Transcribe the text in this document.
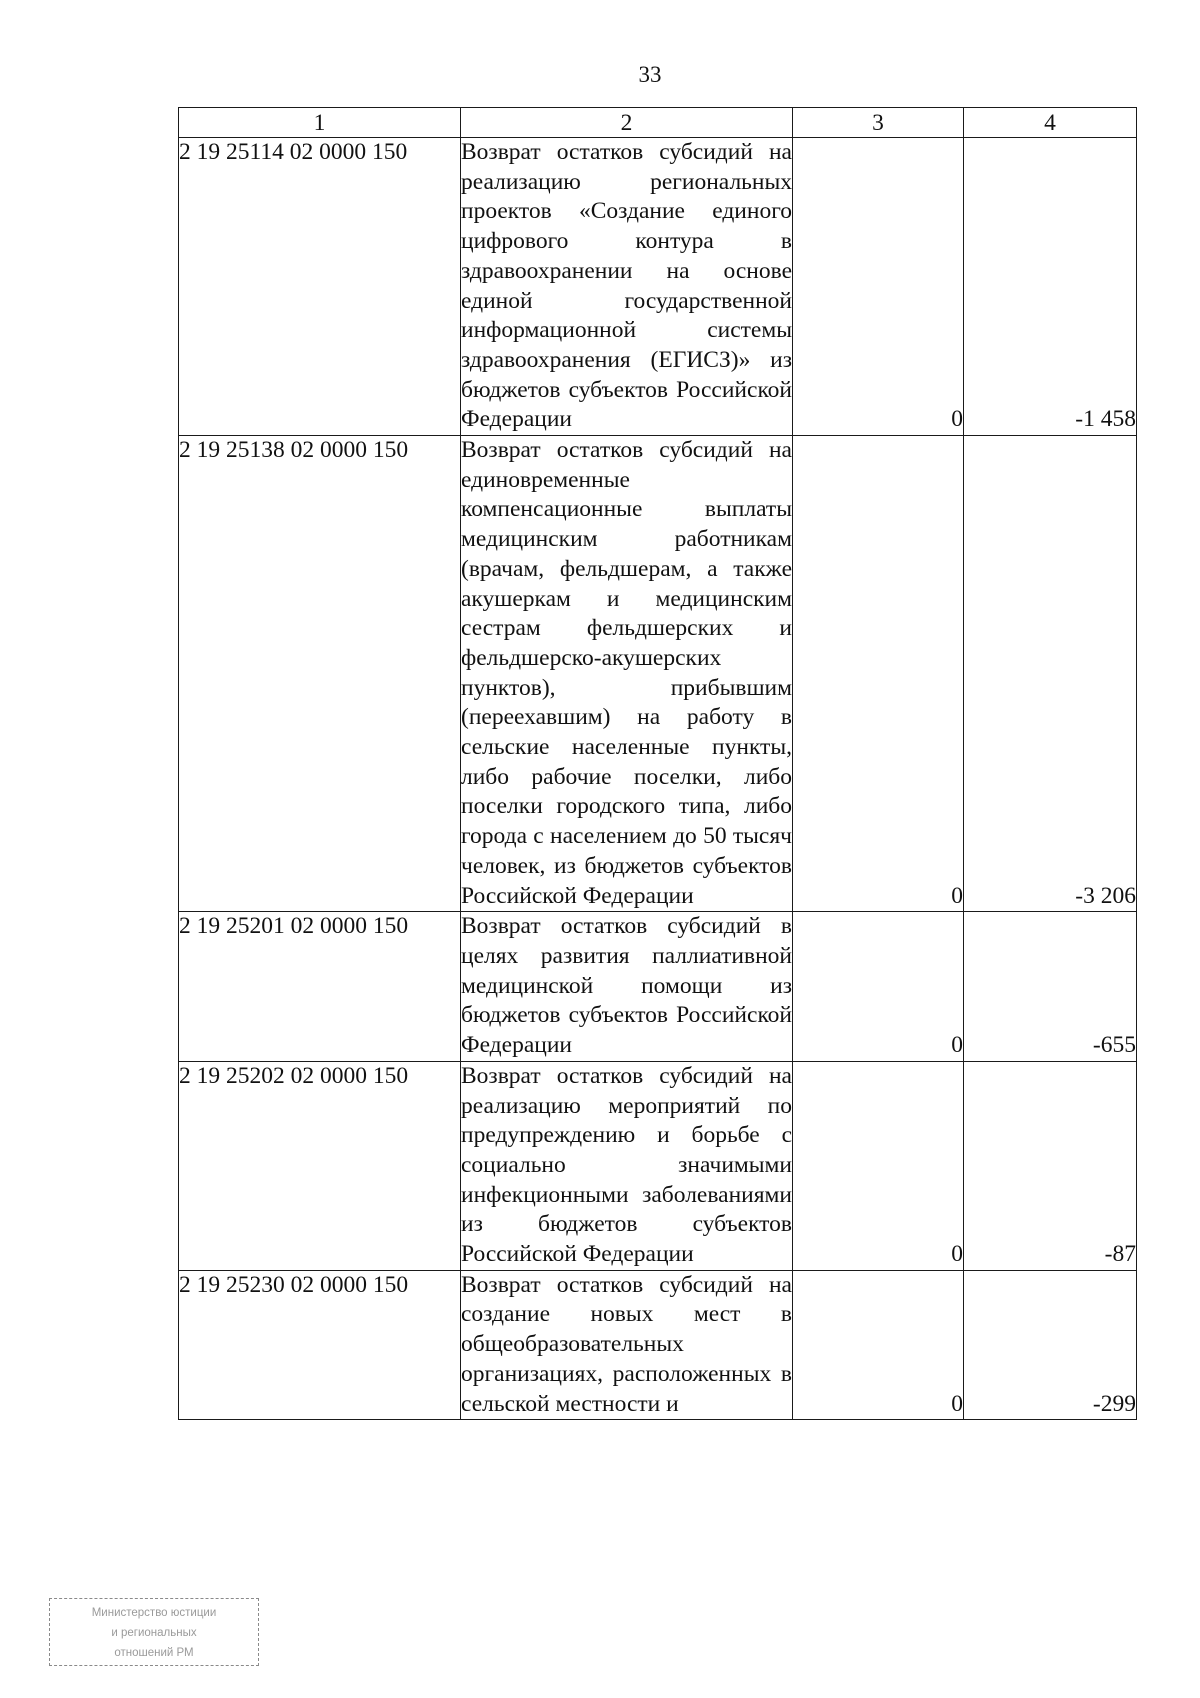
33
1	2	3	4
2 19 25114 02 0000 150	Возврат остатков субсидий на реализацию региональных проектов «Создание единого цифрового контура в здравоохранении на основе единой государственной информационной системы здравоохранения (ЕГИСЗ)» из бюджетов субъектов Российской Федерации	0	-1 458
2 19 25138 02 0000 150	Возврат остатков субсидий на единовременные компенсационные выплаты медицинским работникам (врачам, фельдшерам, а также акушеркам и медицинским сестрам фельдшерских и фельдшерско-акушерских пунктов), прибывшим (переехавшим) на работу в сельские населенные пункты, либо рабочие поселки, либо поселки городского типа, либо города с населением до 50 тысяч человек, из бюджетов субъектов Российской Федерации	0	-3 206
2 19 25201 02 0000 150	Возврат остатков субсидий в целях развития паллиативной медицинской помощи из бюджетов субъектов Российской Федерации	0	-655
2 19 25202 02 0000 150	Возврат остатков субсидий на реализацию мероприятий по предупреждению и борьбе с социально значимыми инфекционными заболеваниями из бюджетов субъектов Российской Федерации	0	-87
2 19 25230 02 0000 150	Возврат остатков субсидий на создание новых мест в общеобразовательных организациях, расположенных в сельской местности и	0	-299
Министерство юстиции
и региональных
отношений РМ
